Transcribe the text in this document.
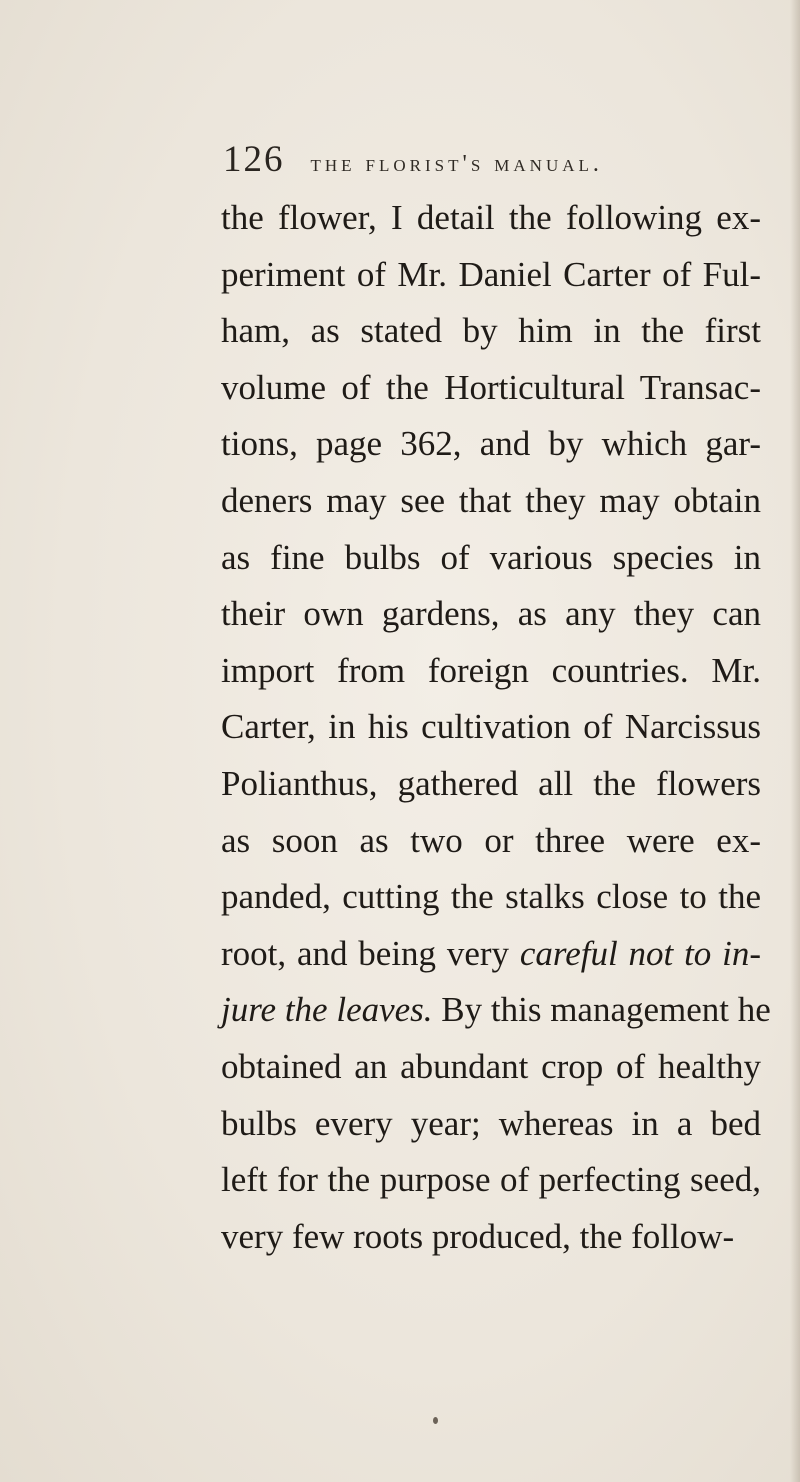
126 the florist's manual.
the flower, I detail the following ex-
periment of Mr. Daniel Carter of Ful-
ham, as stated by him in the first
volume of the Horticultural Transac-
tions, page 362, and by which gar-
deners may see that they may obtain
as fine bulbs of various species in
their own gardens, as any they can
import from foreign countries. Mr.
Carter, in his cultivation of Narcissus
Polianthus, gathered all the flowers
as soon as two or three were ex-
panded, cutting the stalks close to the
root, and being very careful not to in-
jure the leaves. By this management he
obtained an abundant crop of healthy
bulbs every year; whereas in a bed
left for the purpose of perfecting seed,
very few roots produced, the follow-
